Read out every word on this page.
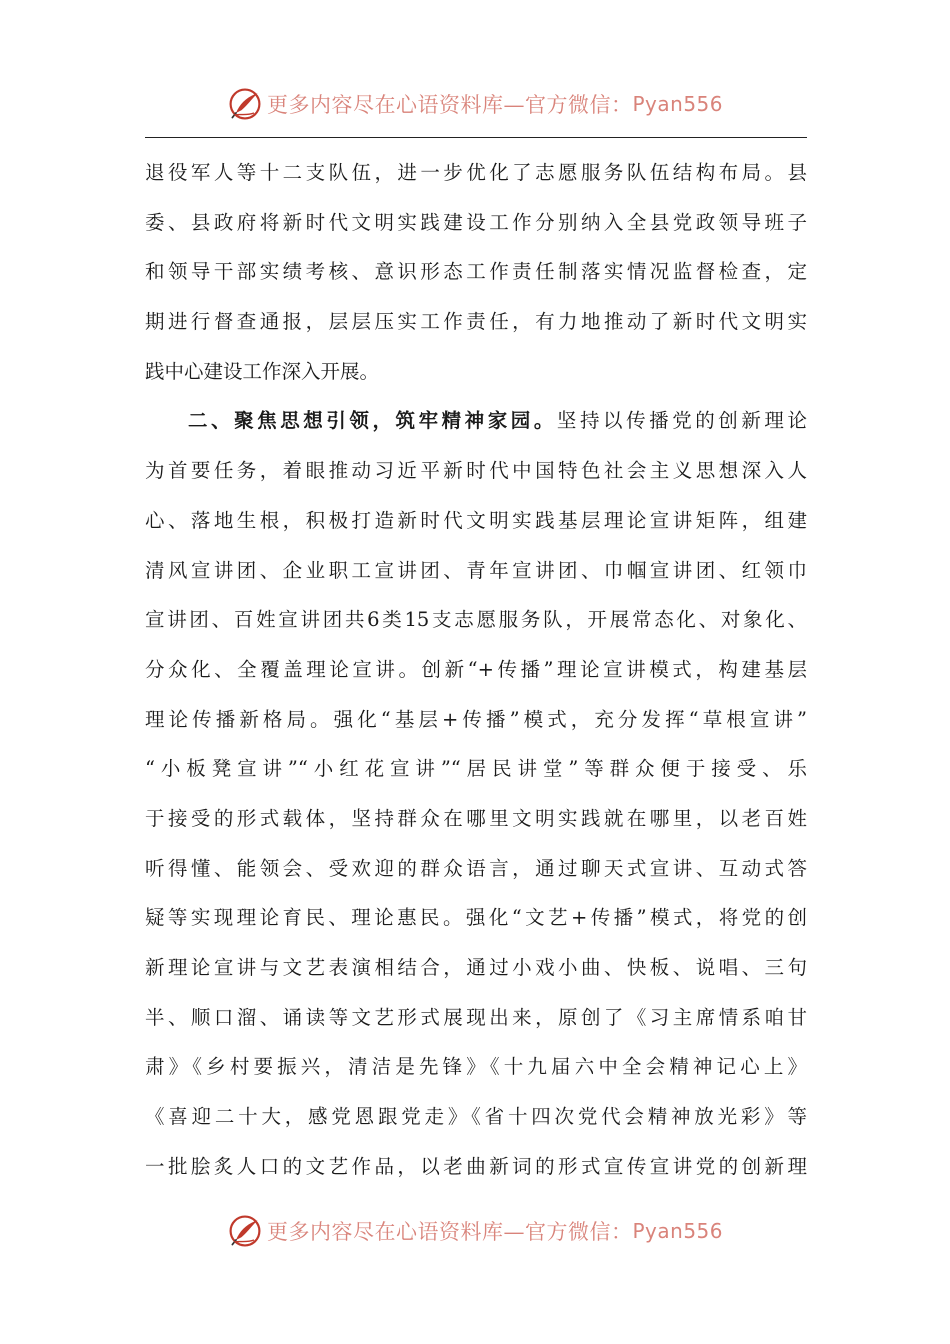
更多内容尽在心语资料库—官方微信： Pyan556
退役军人等十二支队伍，进一步优化了志愿服务队伍结构布局。县
委、县政府将新时代文明实践建设工作分别纳入全县党政领导班子
和领导干部实绩考核、意识形态工作责任制落实情况监督检查，定
期进行督查通报，层层压实工作责任，有力地推动了新时代文明实
践中心建设工作深入开展。
二、聚焦思想引领，筑牢精神家园。坚持以传播党的创新理论
为首要任务，着眼推动习近平新时代中国特色社会主义思想深入人
心、落地生根，积极打造新时代文明实践基层理论宣讲矩阵，组建
清风宣讲团、企业职工宣讲团、青年宣讲团、巾帼宣讲团、红领巾
宣讲团、百姓宣讲团共6类15支志愿服务队，开展常态化、对象化、
分众化、全覆盖理论宣讲。创新“+传播”理论宣讲模式，构建基层
理论传播新格局。强化“基层+传播”模式，充分发挥“草根宣讲”
“小板凳宣讲”“小红花宣讲”“居民讲堂”等群众便于接受、乐
于接受的形式载体，坚持群众在哪里文明实践就在哪里，以老百姓
听得懂、能领会、受欢迎的群众语言，通过聊天式宣讲、互动式答
疑等实现理论育民、理论惠民。强化“文艺+传播”模式，将党的创
新理论宣讲与文艺表演相结合，通过小戏小曲、快板、说唱、三句
半、顺口溜、诵读等文艺形式展现出来，原创了《习主席情系咱甘
肃》《乡村要振兴，清洁是先锋》《十九届六中全会精神记心上》
《喜迎二十大，感党恩跟党走》《省十四次党代会精神放光彩》等
一批脍炙人口的文艺作品，以老曲新词的形式宣传宣讲党的创新理
更多内容尽在心语资料库—官方微信： Pyan556
